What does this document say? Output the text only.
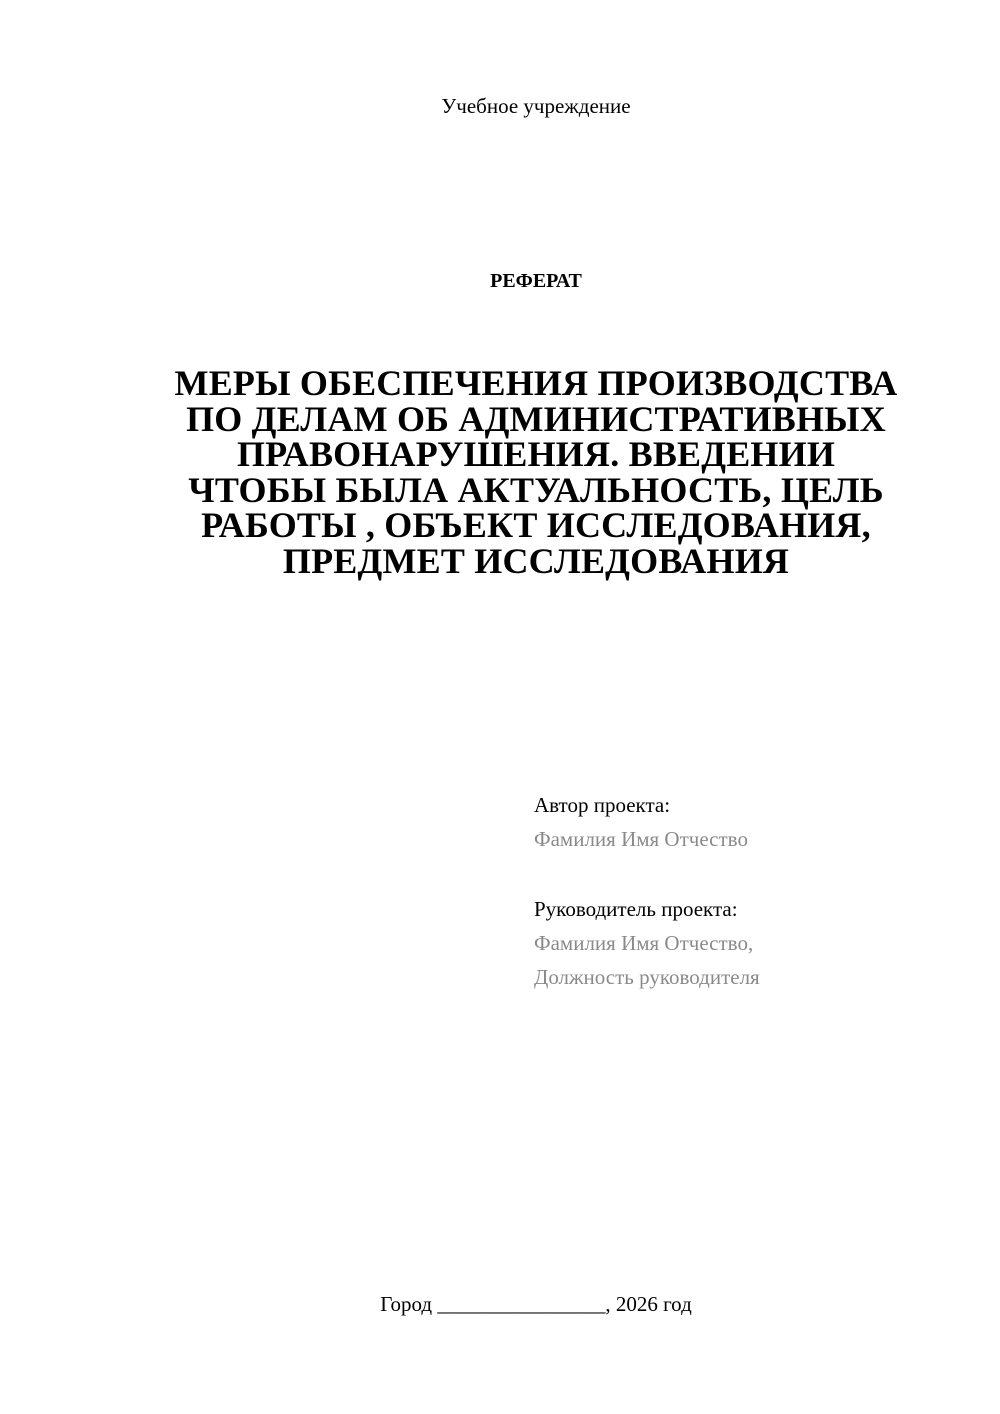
Учебное учреждение
РЕФЕРАТ
МЕРЫ ОБЕСПЕЧЕНИЯ ПРОИЗВОДСТВА
ПО ДЕЛАМ ОБ АДМИНИСТРАТИВНЫХ
ПРАВОНАРУШЕНИЯ. ВВЕДЕНИИ
ЧТОБЫ БЫЛА АКТУАЛЬНОСТЬ, ЦЕЛЬ
РАБОТЫ , ОБЪЕКТ ИССЛЕДОВАНИЯ,
ПРЕДМЕТ ИССЛЕДОВАНИЯ
Автор проекта:
Фамилия Имя Отчество
Руководитель проекта:
Фамилия Имя Отчество,
Должность руководителя
Город ________________, 2026 год
